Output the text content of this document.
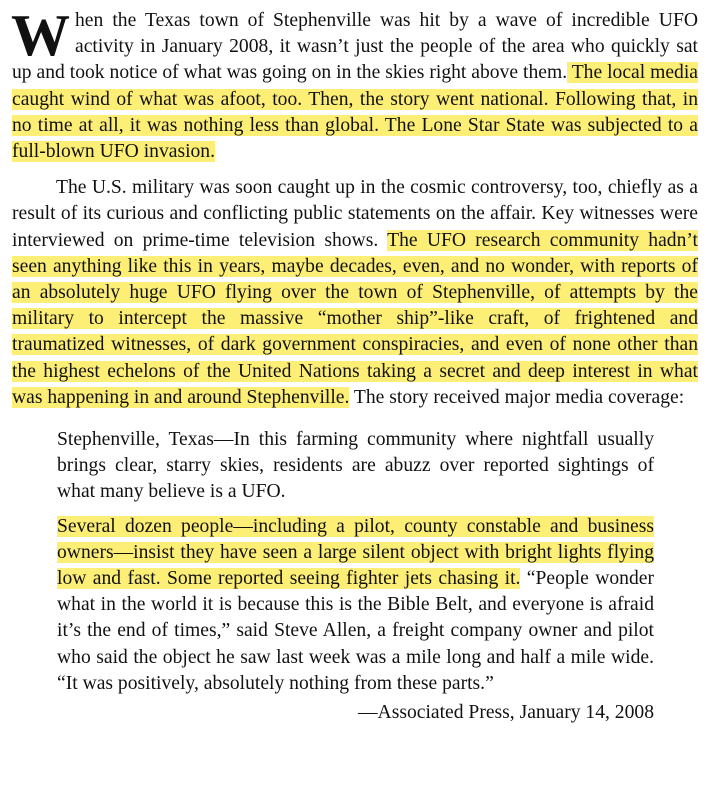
When the Texas town of Stephenville was hit by a wave of incredible UFO activity in January 2008, it wasn’t just the people of the area who quickly sat up and took notice of what was going on in the skies right above them. The local media caught wind of what was afoot, too. Then, the story went national. Following that, in no time at all, it was nothing less than global. The Lone Star State was subjected to a full-blown UFO invasion.

The U.S. military was soon caught up in the cosmic controversy, too, chiefly as a result of its curious and conflicting public statements on the affair. Key witnesses were interviewed on prime-time television shows. The UFO research community hadn’t seen anything like this in years, maybe decades, even, and no wonder, with reports of an absolutely huge UFO flying over the town of Stephenville, of attempts by the military to intercept the massive “mother ship”-like craft, of frightened and traumatized witnesses, of dark government conspiracies, and even of none other than the highest echelons of the United Nations taking a secret and deep interest in what was happening in and around Stephenville. The story received major media coverage:

Stephenville, Texas—In this farming community where nightfall usually brings clear, starry skies, residents are abuzz over reported sightings of what many believe is a UFO.

Several dozen people—including a pilot, county constable and business owners—insist they have seen a large silent object with bright lights flying low and fast. Some reported seeing fighter jets chasing it. “People wonder what in the world it is because this is the Bible Belt, and everyone is afraid it’s the end of times,” said Steve Allen, a freight company owner and pilot who said the object he saw last week was a mile long and half a mile wide. “It was positively, absolutely nothing from these parts.”

—Associated Press, January 14, 2008
